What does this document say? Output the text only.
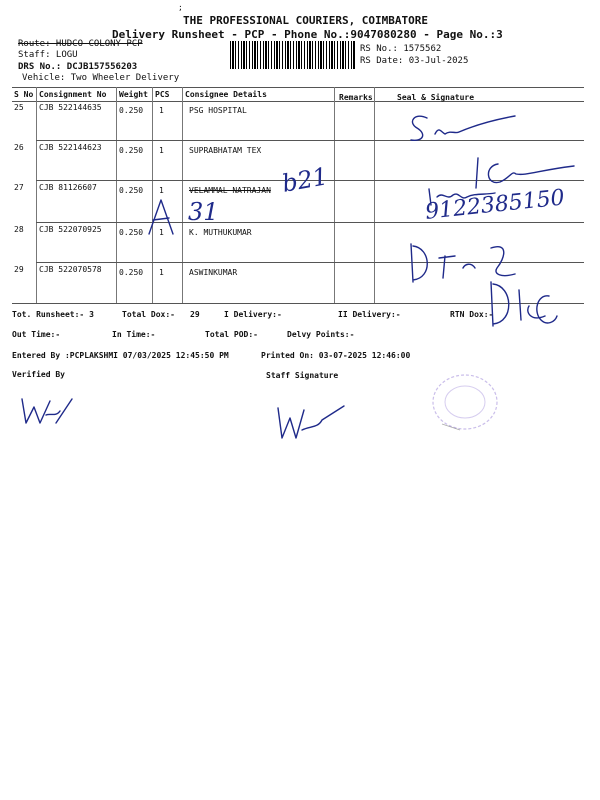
;
THE PROFESSIONAL COURIERS, COIMBATORE
Delivery Runsheet - PCP - Phone No.:9047080280 - Page No.:3
Route: HUDCO COLONY PCP
Staff: LOGU
DRS No.: DCJB157556203
Vehicle: Two Wheeler Delivery
RS No.: 1575562
RS Date: 03-Jul-2025
S No Consignment No Weight PCS Consignee Details	Remarks	Seal & Signature
25 CJB 522144635 0.250 1	PSG HOSPITAL
26 CJB 522144623 0.250 1	SUPRABHATAM TEX
27 CJB 81126607	0.250 1	VELAMMAL NATRAJAN
28 CJB 522070925 0.250 1	K. MUTHUKUMAR
29 CJB 522070578 0.250 1	ASWINKUMAR
Tot. Runsheet:- 3	Total Dox:- 29	I Delivery:-	II Delivery:-	RTN Dox:-
Out Time:-	In Time:-	Total POD:-	Delvy Points:-
Entered By :PCPLAKSHMI 07/03/2025 12:45:50 PM	Printed On: 03-07-2025 12:46:00
Verified By	Staff Signature
9122385150
31
b21
